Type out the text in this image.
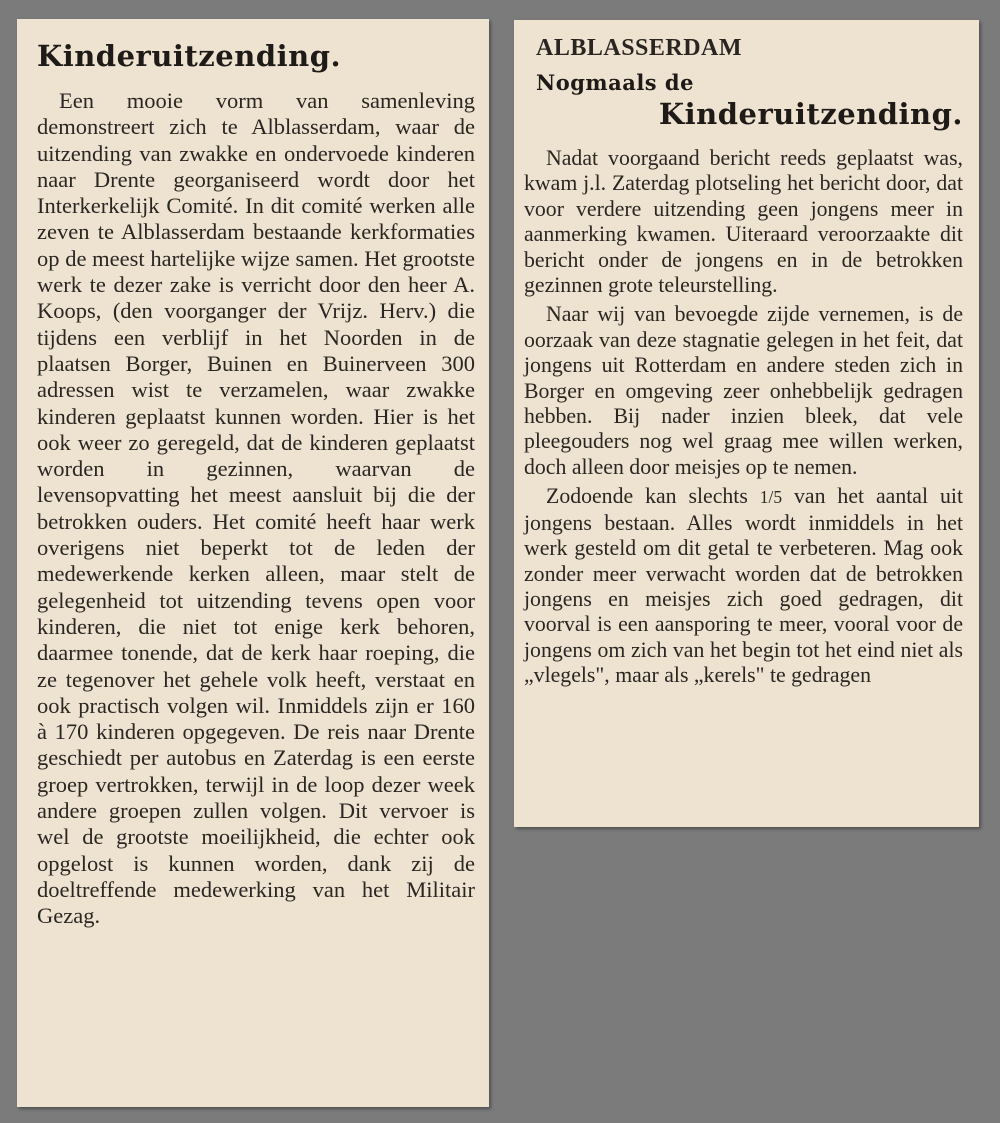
Kinderuitzending.

Een mooie vorm van samenleving demonstreert zich te Alblasserdam, waar de uitzending van zwakke en ondervoede kinderen naar Drente georganiseerd wordt door het Interkerkelijk Comité. In dit comité werken alle zeven te Alblasserdam bestaande kerkformaties op de meest hartelijke wijze samen. Het grootste werk te dezer zake is verricht door den heer A. Koops, (den voorganger der Vrijz. Herv.) die tijdens een verblijf in het Noorden in de plaatsen Borger, Buinen en Buinerveen 300 adressen wist te verzamelen, waar zwakke kinderen geplaatst kunnen worden. Hier is het ook weer zo geregeld, dat de kinderen geplaatst worden in gezinnen, waarvan de levensopvatting het meest aansluit bij die der betrokken ouders. Het comité heeft haar werk overigens niet beperkt tot de leden der medewerkende kerken alleen, maar stelt de gelegenheid tot uitzending tevens open voor kinderen, die niet tot enige kerk behoren, daarmee tonende, dat de kerk haar roeping, die ze tegenover het gehele volk heeft, verstaat en ook practisch volgen wil. Inmiddels zijn er 160 à 170 kinderen opgegeven. De reis naar Drente geschiedt per autobus en Zaterdag is een eerste groep vertrokken, terwijl in de loop dezer week andere groepen zullen volgen. Dit vervoer is wel de grootste moeilijkheid, die echter ook opgelost is kunnen worden, dank zij de doeltreffende medewerking van het Militair Gezag.

ALBLASSERDAM
Nogmaals de
Kinderuitzending.

Nadat voorgaand bericht reeds geplaatst was, kwam j.l. Zaterdag plotseling het bericht door, dat voor verdere uitzending geen jongens meer in aanmerking kwamen. Uiteraard veroorzaakte dit bericht onder de jongens en in de betrokken gezinnen grote teleurstelling.

Naar wij van bevoegde zijde vernemen, is de oorzaak van deze stagnatie gelegen in het feit, dat jongens uit Rotterdam en andere steden zich in Borger en omgeving zeer onhebbelijk gedragen hebben. Bij nader inzien bleek, dat vele pleegouders nog wel graag mee willen werken, doch alleen door meisjes op te nemen.

Zodoende kan slechts 1/5 van het aantal uit jongens bestaan. Alles wordt inmiddels in het werk gesteld om dit getal te verbeteren. Mag ook zonder meer verwacht worden dat de betrokken jongens en meisjes zich goed gedragen, dit voorval is een aansporing te meer, vooral voor de jongens om zich van het begin tot het eind niet als „vlegels", maar als „kerels" te gedragen
